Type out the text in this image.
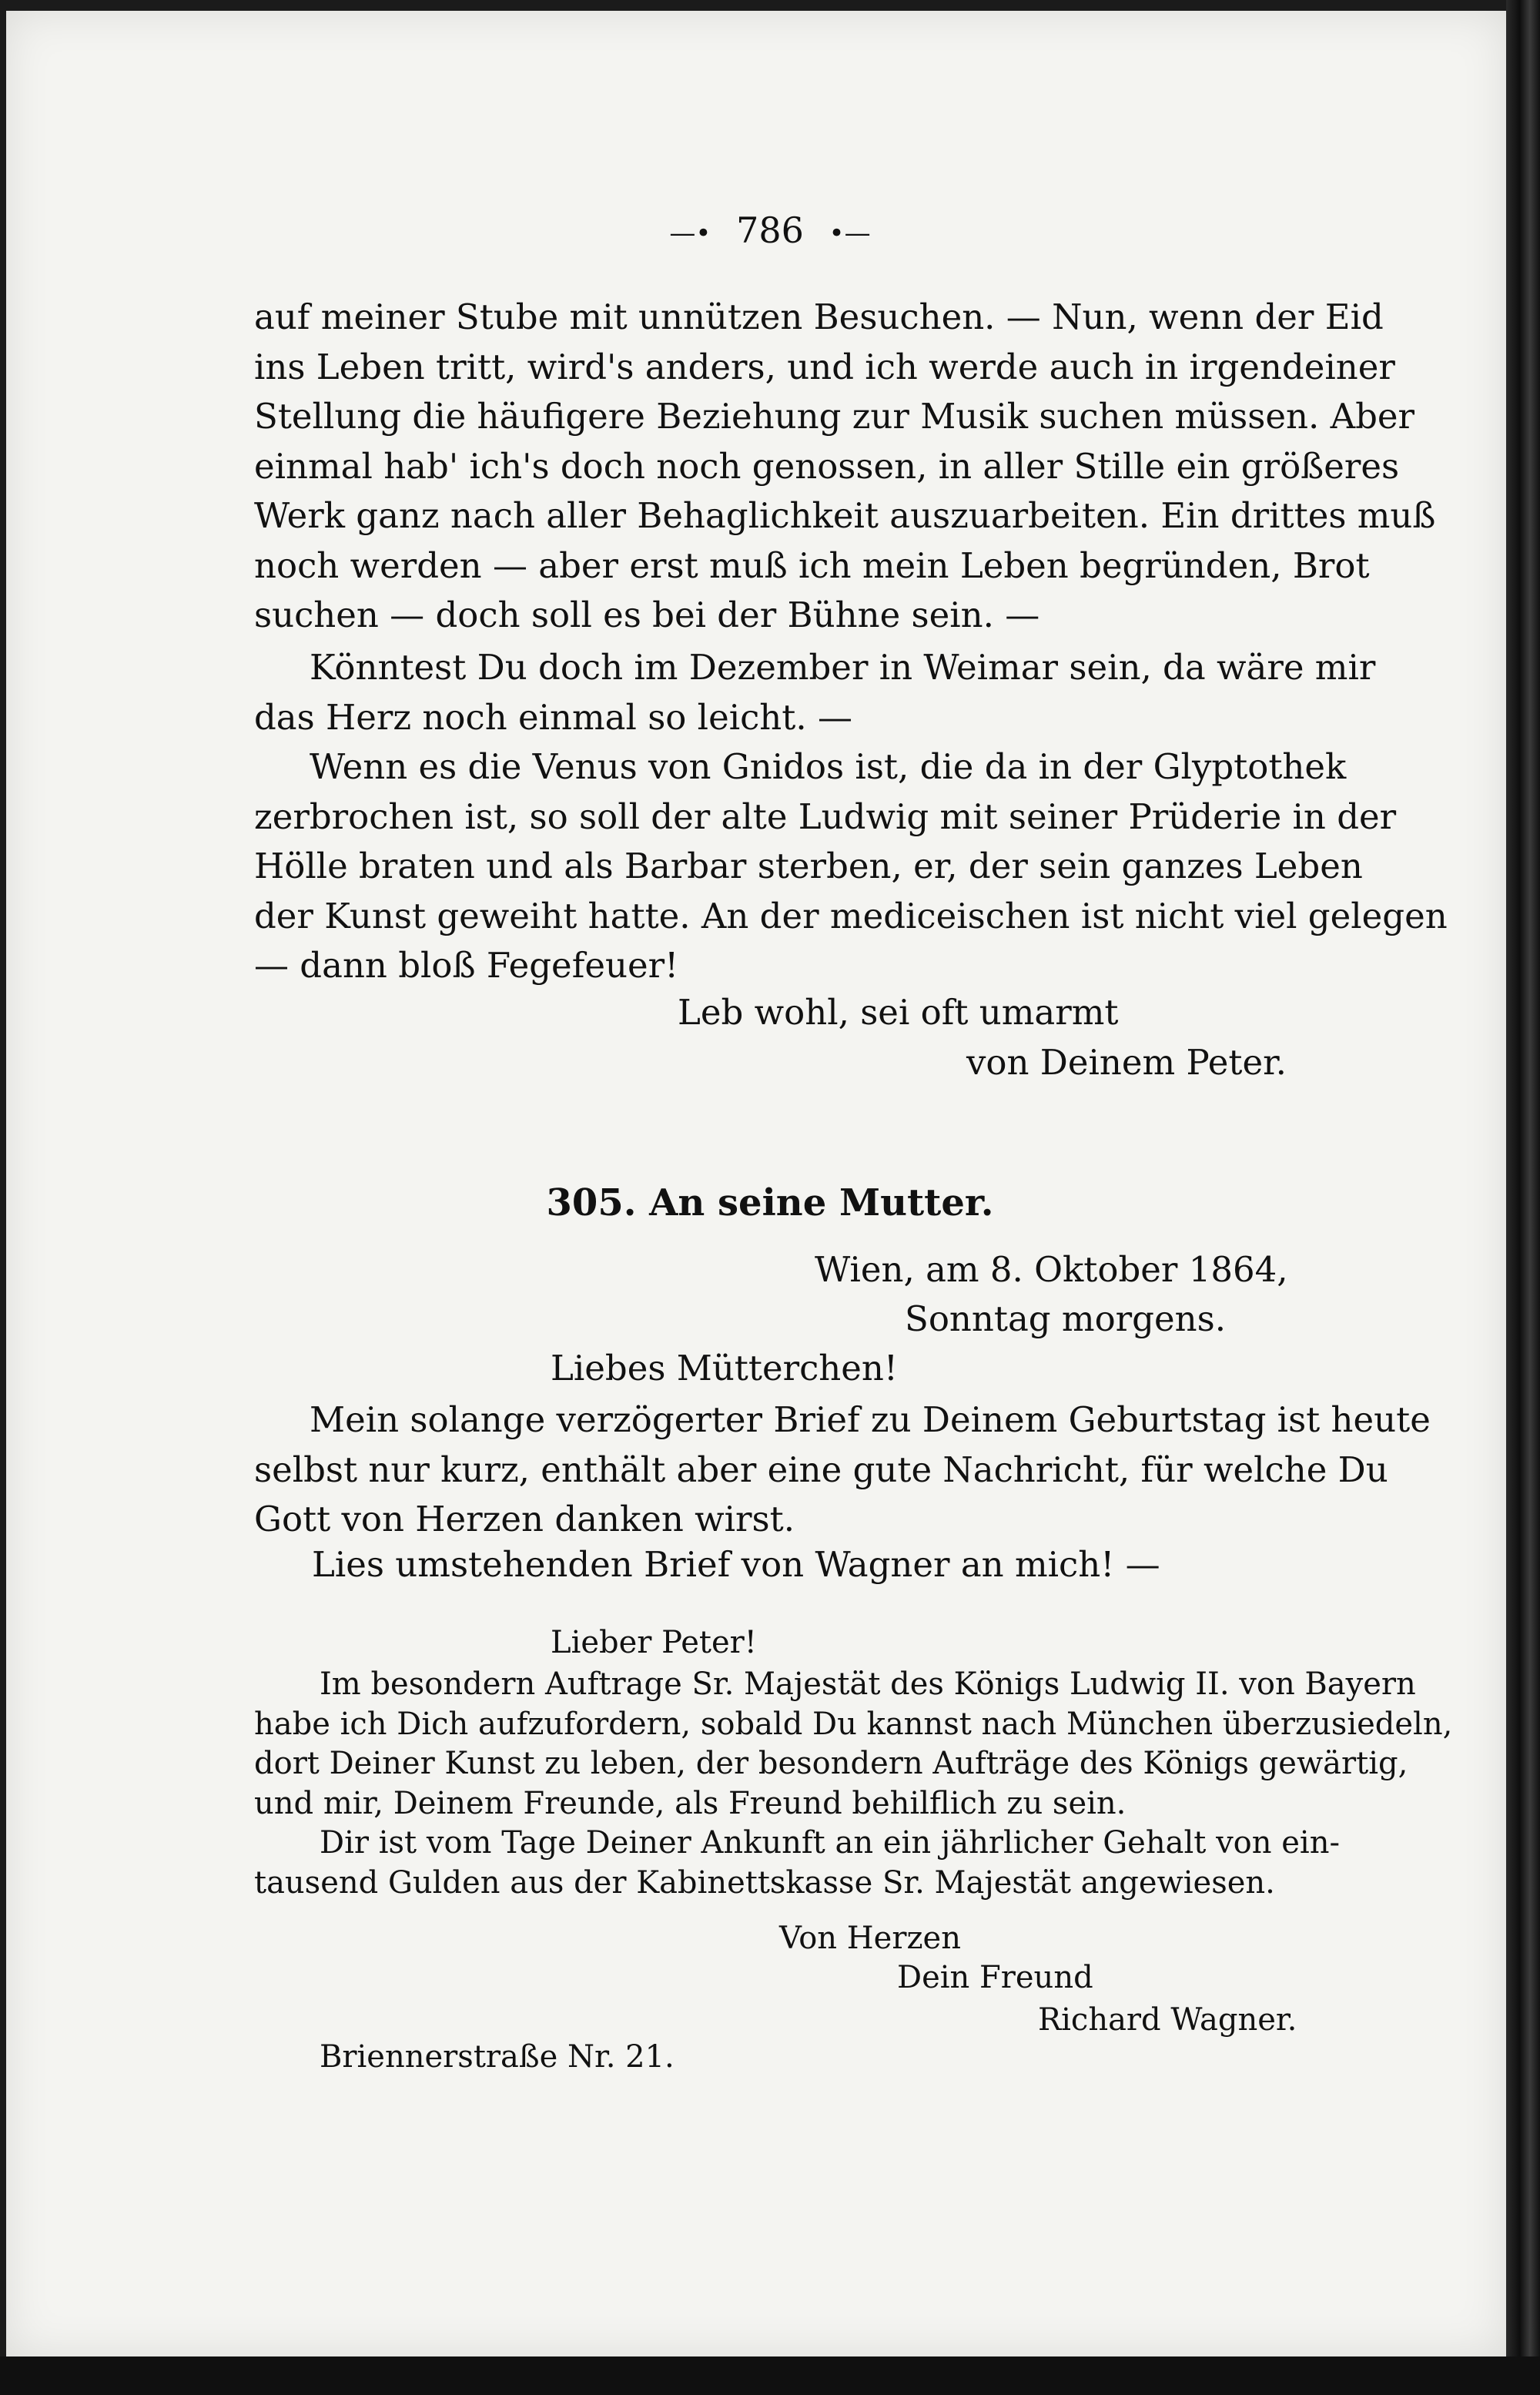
—• 786 •—
auf meiner Stube mit unnützen Besuchen. — Nun, wenn der Eid
ins Leben tritt, wird's anders, und ich werde auch in irgendeiner
Stellung die häufigere Beziehung zur Musik suchen müssen. Aber
einmal hab' ich's doch noch genossen, in aller Stille ein größeres
Werk ganz nach aller Behaglichkeit auszuarbeiten. Ein drittes muß
noch werden — aber erst muß ich mein Leben begründen, Brot
suchen — doch soll es bei der Bühne sein. —
Könntest Du doch im Dezember in Weimar sein, da wäre mir
das Herz noch einmal so leicht. —
Wenn es die Venus von Gnidos ist, die da in der Glyptothek
zerbrochen ist, so soll der alte Ludwig mit seiner Prüderie in der
Hölle braten und als Barbar sterben, er, der sein ganzes Leben
der Kunst geweiht hatte. An der mediceischen ist nicht viel gelegen
— dann bloß Fegefeuer!
Leb wohl, sei oft umarmt
von Deinem Peter.
305. An seine Mutter.
Wien, am 8. Oktober 1864,
Sonntag morgens.
Liebes Mütterchen!
Mein solange verzögerter Brief zu Deinem Geburtstag ist heute
selbst nur kurz, enthält aber eine gute Nachricht, für welche Du
Gott von Herzen danken wirst.
Lies umstehenden Brief von Wagner an mich! —
Lieber Peter!
Im besondern Auftrage Sr. Majestät des Königs Ludwig II. von Bayern
habe ich Dich aufzufordern, sobald Du kannst nach München überzusiedeln,
dort Deiner Kunst zu leben, der besondern Aufträge des Königs gewärtig,
und mir, Deinem Freunde, als Freund behilflich zu sein.
Dir ist vom Tage Deiner Ankunft an ein jährlicher Gehalt von ein-
tausend Gulden aus der Kabinettskasse Sr. Majestät angewiesen.
Von Herzen
Dein Freund
Richard Wagner.
Briennerstraße Nr. 21.
